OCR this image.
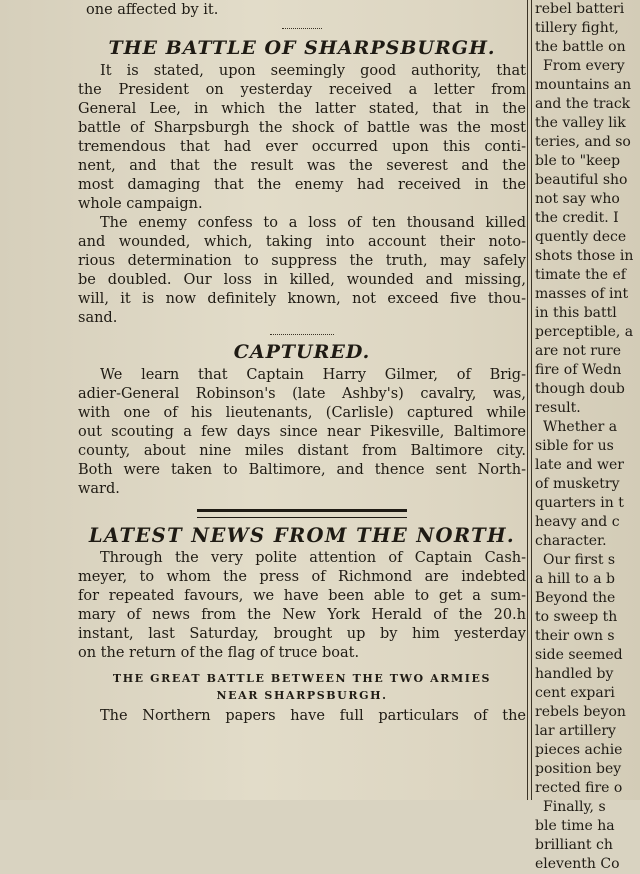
one affected by it.
THE BATTLE OF SHARPSBURGH.
It is stated, upon seemingly good authority, that
the President on yesterday received a letter from
General Lee, in which the latter stated, that in the
battle of Sharpsburgh the shock of battle was the most
tremendous that had ever occurred upon this conti-
nent, and that the result was the severest and the
most damaging that the enemy had received in the
whole campaign.
The enemy confess to a loss of ten thousand killed
and wounded, which, taking into account their noto-
rious determination to suppress the truth, may safely
be doubled. Our loss in killed, wounded and missing,
will, it is now definitely known, not exceed five thou-
sand.
CAPTURED.
We learn that Captain Harry Gilmer, of Brig-
adier-General Robinson's (late Ashby's) cavalry, was,
with one of his lieutenants, (Carlisle) captured while
out scouting a few days since near Pikesville, Baltimore
county, about nine miles distant from Baltimore city.
Both were taken to Baltimore, and thence sent North-
ward.
LATEST NEWS FROM THE NORTH.
Through the very polite attention of Captain Cash-
meyer, to whom the press of Richmond are indebted
for repeated favours, we have been able to get a sum-
mary of news from the New York Herald of the 20.h
instant, last Saturday, brought up by him yesterday
on the return of the flag of truce boat.
THE GREAT BATTLE BETWEEN THE TWO ARMIES
NEAR SHARPSBURGH.
The Northern papers have full particulars of the
rebel batteri
tillery fight,
the battle on
From every
mountains an
and the track
the valley lik
teries, and so
ble to "keep
beautiful sho
not say who
the credit. I
quently dece
shots those in
timate the ef
masses of int
in this battl
perceptible, a
are not rure
fire of Wedn
though doub
result.
Whether a
sible for us
late and wer
of musketry
quarters in t
heavy and c
character.
Our first s
a hill to a b
Beyond the
to sweep th
their own s
side seemed
handled by
cent expari
rebels beyon
lar artillery
pieces achie
position bey
rected fire o
Finally, s
ble time ha
brilliant ch
eleventh Co
